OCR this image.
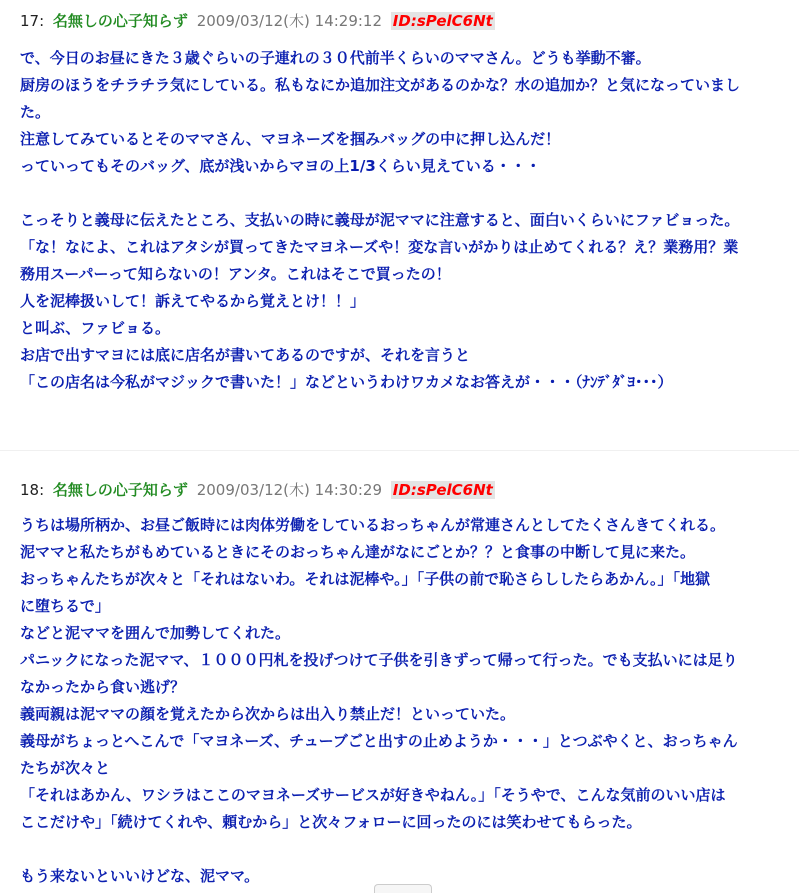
17: 名無しの心子知らず 2009/03/12(木) 14:29:12 ID:sPelC6Nt
で、今日のお昼にきた３歳ぐらいの子連れの３０代前半くらいのママさん。どうも挙動不審。
厨房のほうをチラチラ気にしている。私もなにか追加注文があるのかな？水の追加か？と気になっていまし
た。
注意してみているとそのママさん、マヨネーズを掴みバッグの中に押し込んだ！
っていってもそのバッグ、底が浅いからマヨの上1/3くらい見えている・・・
こっそりと義母に伝えたところ、支払いの時に義母が泥ママに注意すると、面白いくらいにファビョった。
「な！なによ、これはアタシが買ってきたマヨネーズや！変な言いがかりは止めてくれる？え？業務用？業
務用スーパーって知らないの！アンタ。これはそこで買ったの！
人を泥棒扱いして！訴えてやるから覚えとけ！！」
と叫ぶ、ファビョる。
お店で出すマヨには底に店名が書いてあるのですが、それを言うと
「この店名は今私がマジックで書いた！」などというわけワカメなお答えが・・・（ﾅﾝﾃﾞﾀﾞﾖ･･･）
18: 名無しの心子知らず 2009/03/12(木) 14:30:29 ID:sPelC6Nt
うちは場所柄か、お昼ご飯時には肉体労働をしているおっちゃんが常連さんとしてたくさんきてくれる。
泥ママと私たちがもめているときにそのおっちゃん達がなにごとか？？と食事の中断して見に来た。
おっちゃんたちが次々と「それはないわ。それは泥棒や。」「子供の前で恥さらししたらあかん。」「地獄
に堕ちるで」
などと泥ママを囲んで加勢してくれた。
パニックになった泥ママ、１０００円札を投げつけて子供を引きずって帰って行った。でも支払いには足り
なかったから食い逃げ？
義両親は泥ママの顔を覚えたから次からは出入り禁止だ！といっていた。
義母がちょっとへこんで「マヨネーズ、チューブごと出すの止めようか・・・」とつぶやくと、おっちゃん
たちが次々と
「それはあかん、ワシラはここのマヨネーズサービスが好きやねん。」「そうやで、こんな気前のいい店は
ここだけや」「続けてくれや、頼むから」と次々フォローに回ったのには笑わせてもらった。
もう来ないといいけどな、泥ママ。
